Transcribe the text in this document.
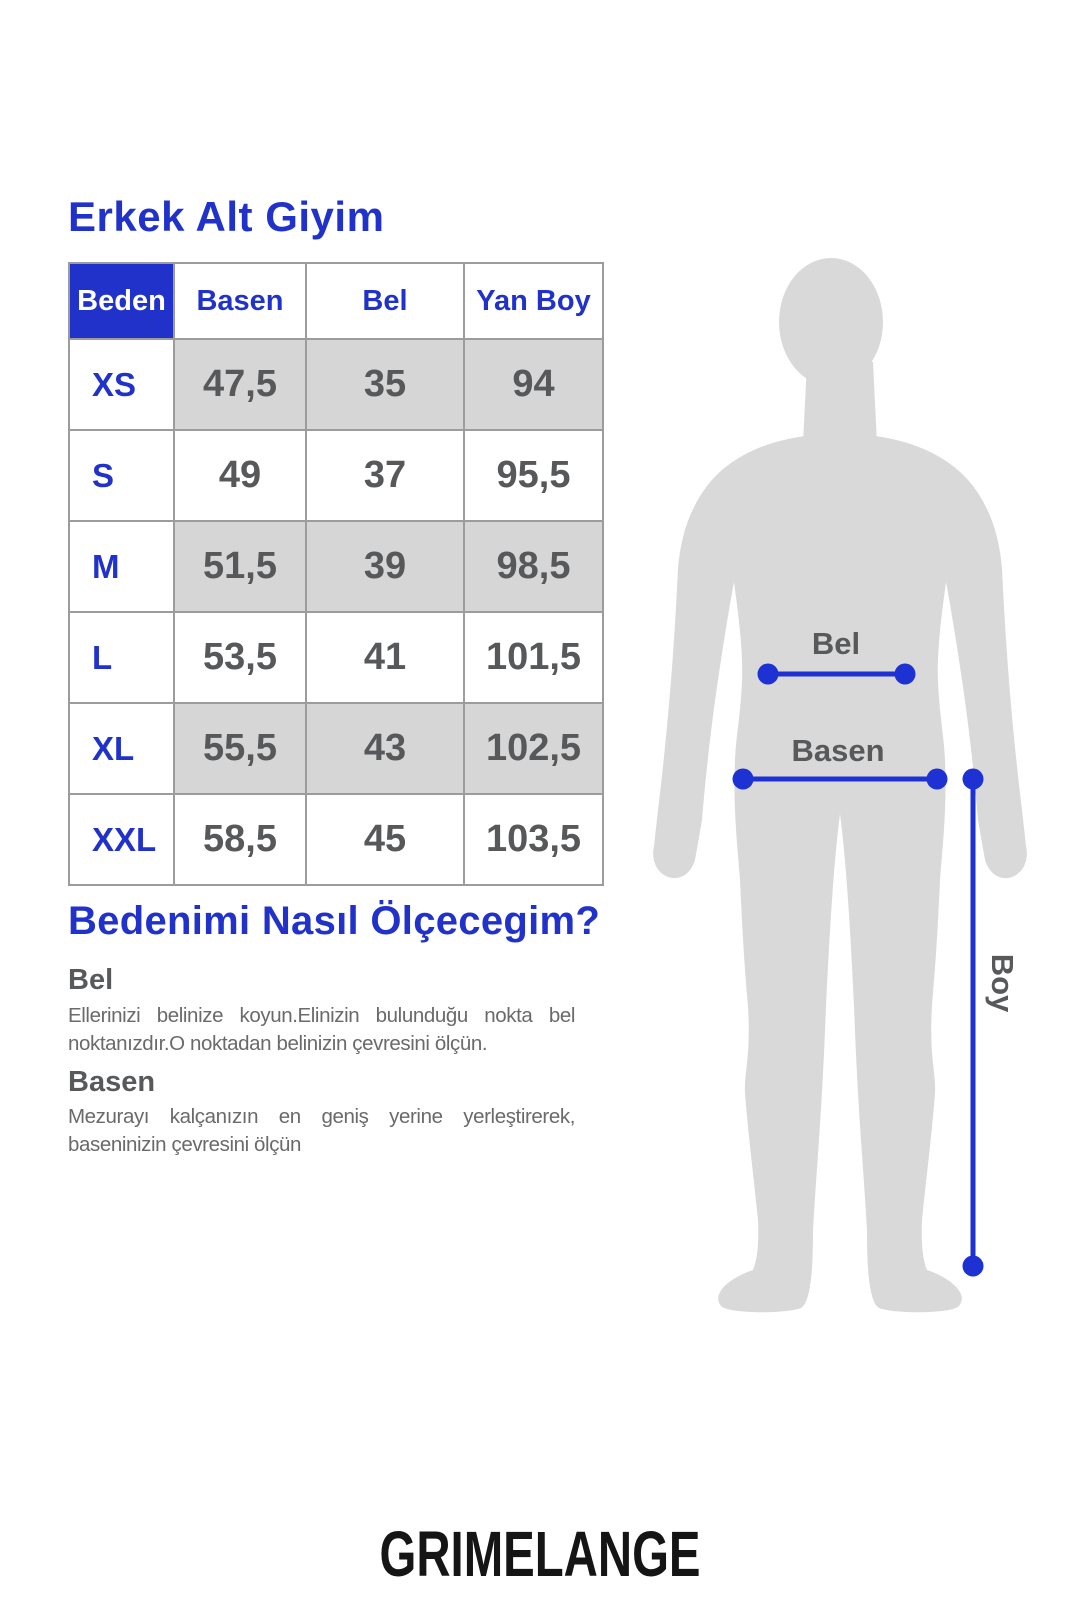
Erkek Alt Giyim
Beden	Basen	Bel	Yan Boy
XS	47,5	35	94
S	49	37	95,5
M	51,5	39	98,5
L	53,5	41	101,5
XL	55,5	43	102,5
XXL	58,5	45	103,5
Bedenimi Nasıl Ölçecegim?
Bel
Ellerinizi belinize koyun.Elinizin bulunduğu nokta bel noktanızdır.O noktadan belinizin çevresini ölçün.
Basen
Mezurayı kalçanızın en geniş yerine yerleştirerek, baseninizin çevresini ölçün
Bel
Basen
Boy
GRIMELANGE
